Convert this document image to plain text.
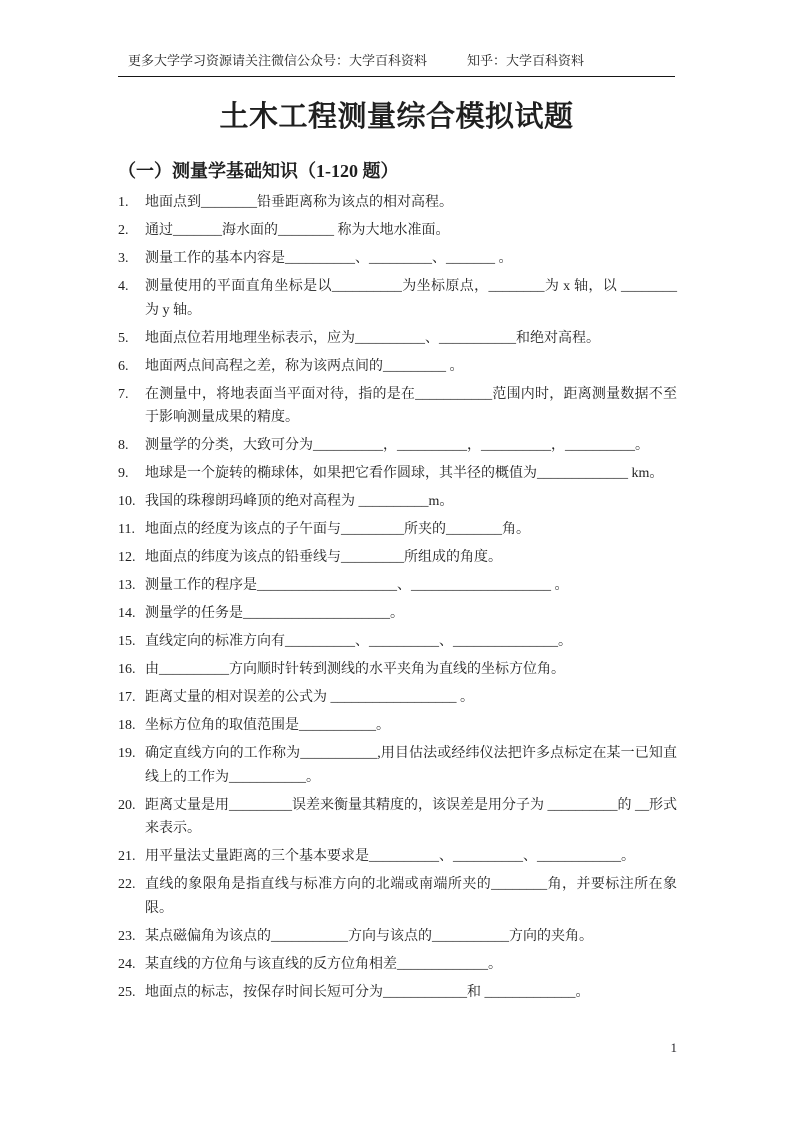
更多大学学习资源请关注微信公众号：大学百科资料	知乎：大学百科资料
土木工程测量综合模拟试题
（一）测量学基础知识（1-120 题）
1.	地面点到________铅垂距离称为该点的相对高程。
2.	通过_______海水面的________ 称为大地水准面。
3.	测量工作的基本内容是__________、_________、_______ 。
4.	测量使用的平面直角坐标是以__________为坐标原点，________为 x 轴，以 ________为 y 轴。
5.	地面点位若用地理坐标表示，应为__________、___________和绝对高程。
6.	地面两点间高程之差，称为该两点间的_________ 。
7.	在测量中，将地表面当平面对待，指的是在___________范围内时，距离测量数据不至于影响测量成果的精度。
8.	测量学的分类，大致可分为__________，__________，__________，__________。
9.	地球是一个旋转的椭球体，如果把它看作圆球，其半径的概值为_____________ km。
10. 我国的珠穆朗玛峰顶的绝对高程为 __________m。
11. 地面点的经度为该点的子午面与_________所夹的________角。
12. 地面点的纬度为该点的铅垂线与_________所组成的角度。
13. 测量工作的程序是____________________、____________________ 。
14. 测量学的任务是_____________________。
15. 直线定向的标准方向有__________、__________、_______________。
16. 由__________方向顺时针转到测线的水平夹角为直线的坐标方位角。
17. 距离丈量的相对误差的公式为 __________________ 。
18. 坐标方位角的取值范围是___________。
19. 确定直线方向的工作称为___________,用目估法或经纬仪法把许多点标定在某一已知直线上的工作为___________。
20. 距离丈量是用_________误差来衡量其精度的，该误差是用分子为 __________的 __形式来表示。
21. 用平量法丈量距离的三个基本要求是__________、__________、____________。
22. 直线的象限角是指直线与标准方向的北端或南端所夹的________角，并要标注所在象限。
23. 某点磁偏角为该点的___________方向与该点的___________方向的夹角。
24. 某直线的方位角与该直线的反方位角相差_____________。
25. 地面点的标志，按保存时间长短可分为____________和 _____________。
1
